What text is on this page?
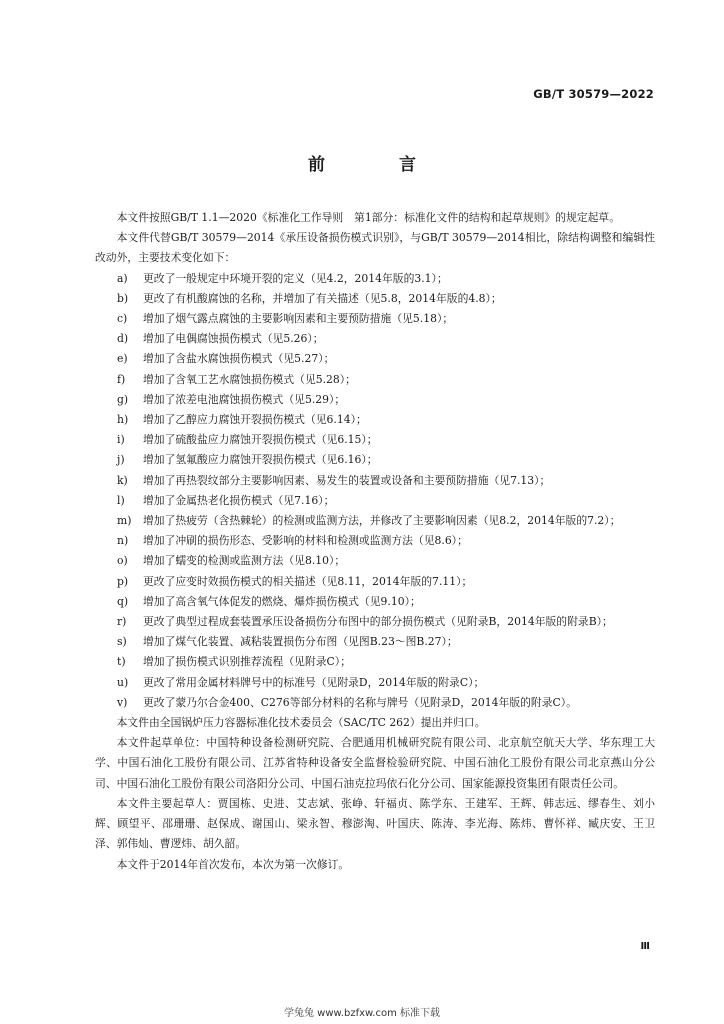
GB/T 30579—2022
前 言

本文件按照GB/T 1.1—2020《标准化工作导则　第1部分：标准化文件的结构和起草规则》的规定起草。

本文件代替GB/T 30579—2014《承压设备损伤模式识别》，与GB/T 30579—2014相比，除结构调整和编辑性改动外，主要技术变化如下：

a)	更改了一般规定中环境开裂的定义（见4.2，2014年版的3.1）；
b)	更改了有机酸腐蚀的名称，并增加了有关描述（见5.8，2014年版的4.8）；
c)	增加了烟气露点腐蚀的主要影响因素和主要预防措施（见5.18）；
d)	增加了电偶腐蚀损伤模式（见5.26）；
e)	增加了含盐水腐蚀损伤模式（见5.27）；
f)	增加了含氧工艺水腐蚀损伤模式（见5.28）；
g)	增加了浓差电池腐蚀损伤模式（见5.29）；
h)	增加了乙醇应力腐蚀开裂损伤模式（见6.14）；
i)	增加了硫酸盐应力腐蚀开裂损伤模式（见6.15）；
j)	增加了氢氟酸应力腐蚀开裂损伤模式（见6.16）；
k)	增加了再热裂纹部分主要影响因素、易发生的装置或设备和主要预防措施（见7.13）；
l)	增加了金属热老化损伤模式（见7.16）；
m)	增加了热疲劳（含热棘轮）的检测或监测方法，并修改了主要影响因素（见8.2，2014年版的7.2）；
n)	增加了冲刷的损伤形态、受影响的材料和检测或监测方法（见8.6）；
o)	增加了蠕变的检测或监测方法（见8.10）；
p)	更改了应变时效损伤模式的相关描述（见8.11，2014年版的7.11）；
q)	增加了高含氧气体促发的燃烧、爆炸损伤模式（见9.10）；
r)	更改了典型过程成套装置承压设备损伤分布图中的部分损伤模式（见附录B，2014年版的附录B）；
s)	增加了煤气化装置、减粘装置损伤分布图（见图B.23～图B.27）；
t)	增加了损伤模式识别推荐流程（见附录C）；
u)	更改了常用金属材料牌号中的标准号（见附录D，2014年版的附录C）；
v)	更改了蒙乃尔合金400、C276等部分材料的名称与牌号（见附录D，2014年版的附录C）。

本文件由全国锅炉压力容器标准化技术委员会（SAC/TC 262）提出并归口。

本文件起草单位：中国特种设备检测研究院、合肥通用机械研究院有限公司、北京航空航天大学、华东理工大学、中国石油化工股份有限公司、江苏省特种设备安全监督检验研究院、中国石油化工股份有限公司北京燕山分公司、中国石油化工股份有限公司洛阳分公司、中国石油克拉玛依石化分公司、国家能源投资集团有限责任公司。

本文件主要起草人：贾国栋、史进、艾志斌、张峥、轩福贞、陈学东、王建军、王辉、韩志远、缪春生、刘小辉、顾望平、邵珊珊、赵保成、谢国山、梁永智、穆澎淘、叶国庆、陈涛、李光海、陈炜、曹怀祥、臧庆安、王卫泽、郭伟灿、曹逻炜、胡久韶。

本文件于2014年首次发布，本次为第一次修订。

Ⅲ
学兔兔 www.bzfxw.com 标准下载
